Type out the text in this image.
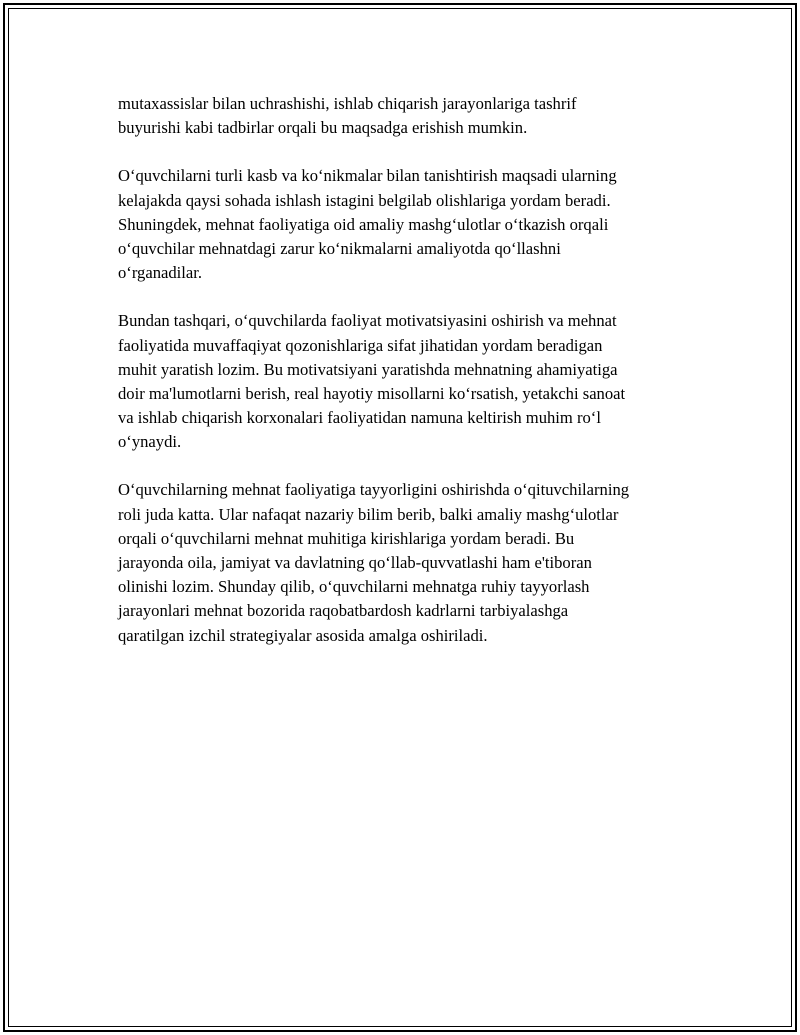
mutaxassislar bilan uchrashishi, ishlab chiqarish jarayonlariga tashrif
buyurishi kabi tadbirlar orqali bu maqsadga erishish mumkin.

O‘quvchilarni turli kasb va ko‘nikmalar bilan tanishtirish maqsadi ularning
kelajakda qaysi sohada ishlash istagini belgilab olishlariga yordam beradi.
Shuningdek, mehnat faoliyatiga oid amaliy mashg‘ulotlar o‘tkazish orqali
o‘quvchilar mehnatdagi zarur ko‘nikmalarni amaliyotda qo‘llashni
o‘rganadilar.

Bundan tashqari, o‘quvchilarda faoliyat motivatsiyasini oshirish va mehnat
faoliyatida muvaffaqiyat qozonishlariga sifat jihatidan yordam beradigan
muhit yaratish lozim. Bu motivatsiyani yaratishda mehnatning ahamiyatiga
doir ma'lumotlarni berish, real hayotiy misollarni ko‘rsatish, yetakchi sanoat
va ishlab chiqarish korxonalari faoliyatidan namuna keltirish muhim ro‘l
o‘ynaydi.

O‘quvchilarning mehnat faoliyatiga tayyorligini oshirishda o‘qituvchilarning
roli juda katta. Ular nafaqat nazariy bilim berib, balki amaliy mashg‘ulotlar
orqali o‘quvchilarni mehnat muhitiga kirishlariga yordam beradi. Bu
jarayonda oila, jamiyat va davlatning qo‘llab-quvvatlashi ham e'tiboran
olinishi lozim. Shunday qilib, o‘quvchilarni mehnatga ruhiy tayyorlash
jarayonlari mehnat bozorida raqobatbardosh kadrlarni tarbiyalashga
qaratilgan izchil strategiyalar asosida amalga oshiriladi.
